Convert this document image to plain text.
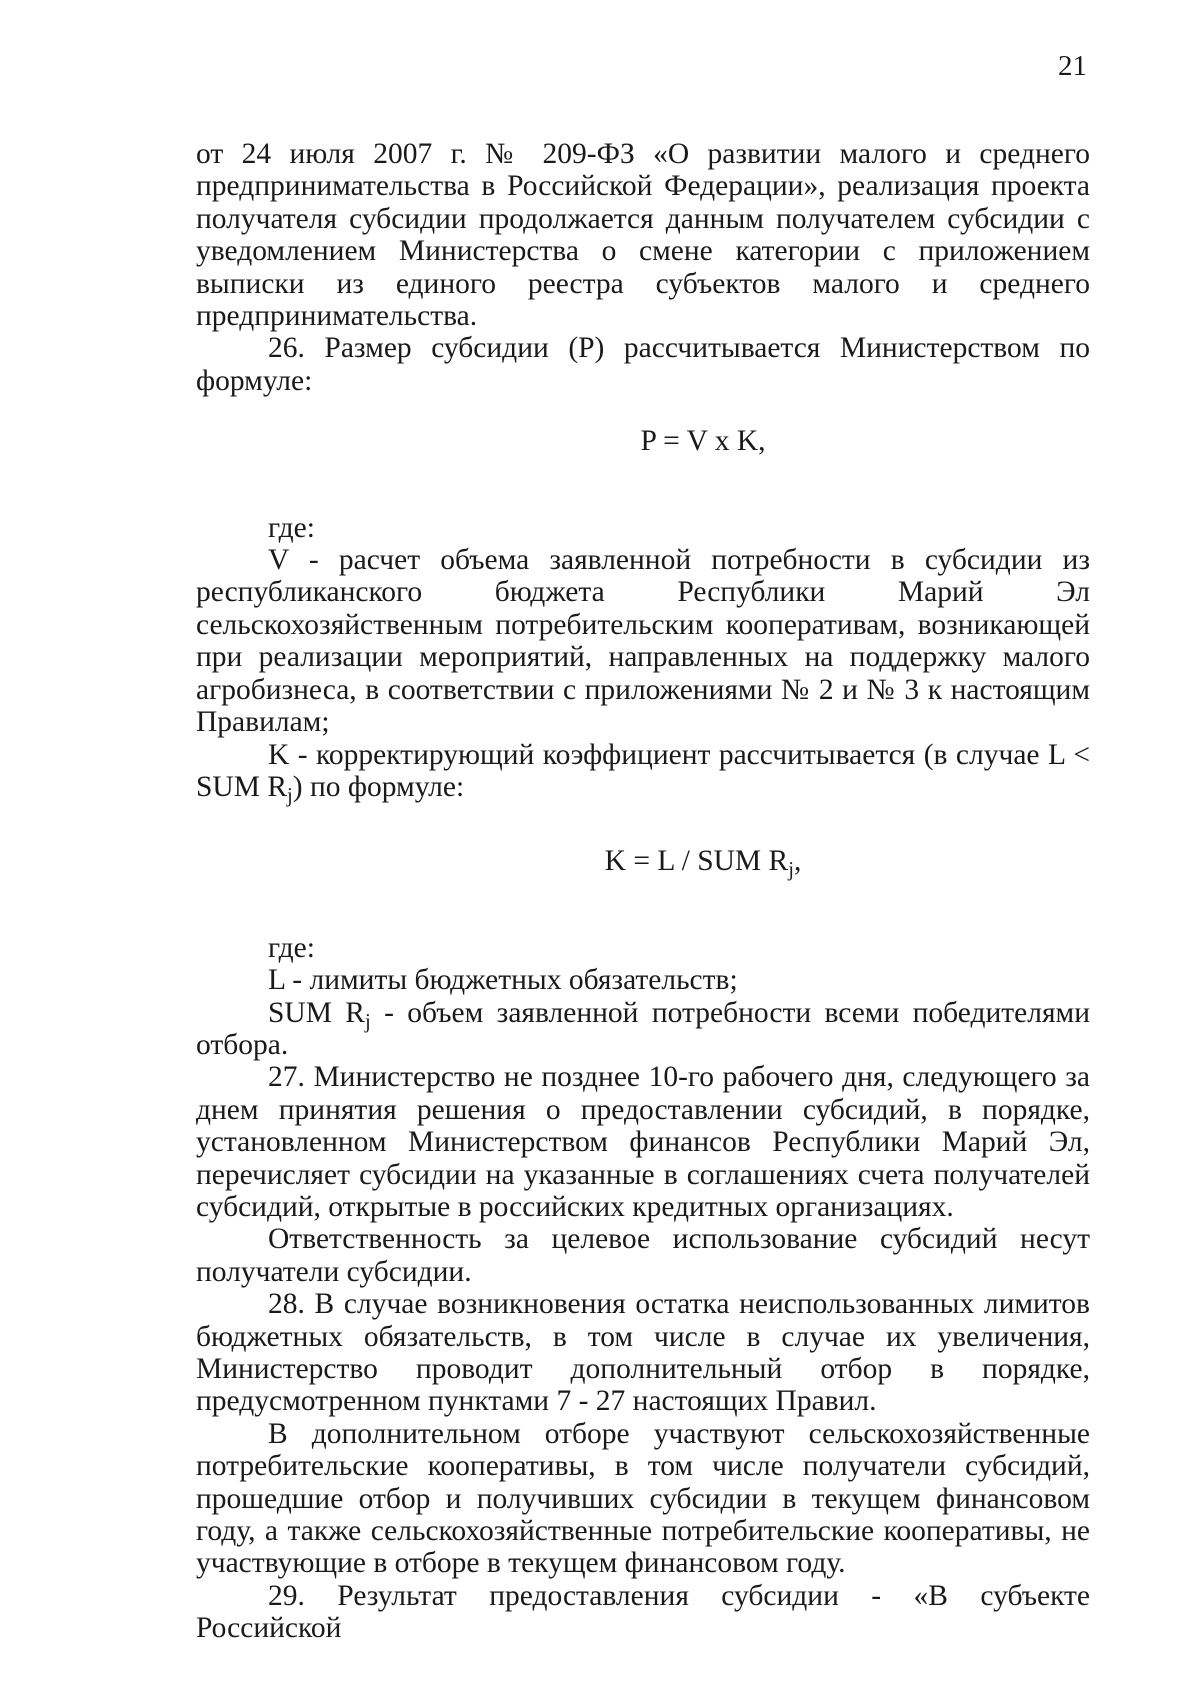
21

от 24 июля 2007 г. № 209-ФЗ «О развитии малого и среднего предпринимательства в Российской Федерации», реализация проекта получателя субсидии продолжается данным получателем субсидии с уведомлением Министерства о смене категории с приложением выписки из единого реестра субъектов малого и среднего предпринимательства.

26. Размер субсидии (P) рассчитывается Министерством по формуле:

P = V x K,

где:

V - расчет объема заявленной потребности в субсидии из республиканского бюджета Республики Марий Эл сельскохозяйственным потребительским кооперативам, возникающей при реализации мероприятий, направленных на поддержку малого агробизнеса, в соответствии с приложениями № 2 и № 3 к настоящим Правилам;

K - корректирующий коэффициент рассчитывается (в случае L < SUM $R_j$) по формуле:

K = L / SUM $R_j$,

где:

L - лимиты бюджетных обязательств;

SUM $R_j$ - объем заявленной потребности всеми победителями отбора.

27. Министерство не позднее 10-го рабочего дня, следующего за днем принятия решения о предоставлении субсидий, в порядке, установленном Министерством финансов Республики Марий Эл, перечисляет субсидии на указанные в соглашениях счета получателей субсидий, открытые в российских кредитных организациях.

Ответственность за целевое использование субсидий несут получатели субсидии.

28. В случае возникновения остатка неиспользованных лимитов бюджетных обязательств, в том числе в случае их увеличения, Министерство проводит дополнительный отбор в порядке, предусмотренном пунктами 7 - 27 настоящих Правил.

В дополнительном отборе участвуют сельскохозяйственные потребительские кооперативы, в том числе получатели субсидий, прошедшие отбор и получивших субсидии в текущем финансовом году, а также сельскохозяйственные потребительские кооперативы, не участвующие в отборе в текущем финансовом году.

29. Результат предоставления субсидии - «В субъекте Российской
